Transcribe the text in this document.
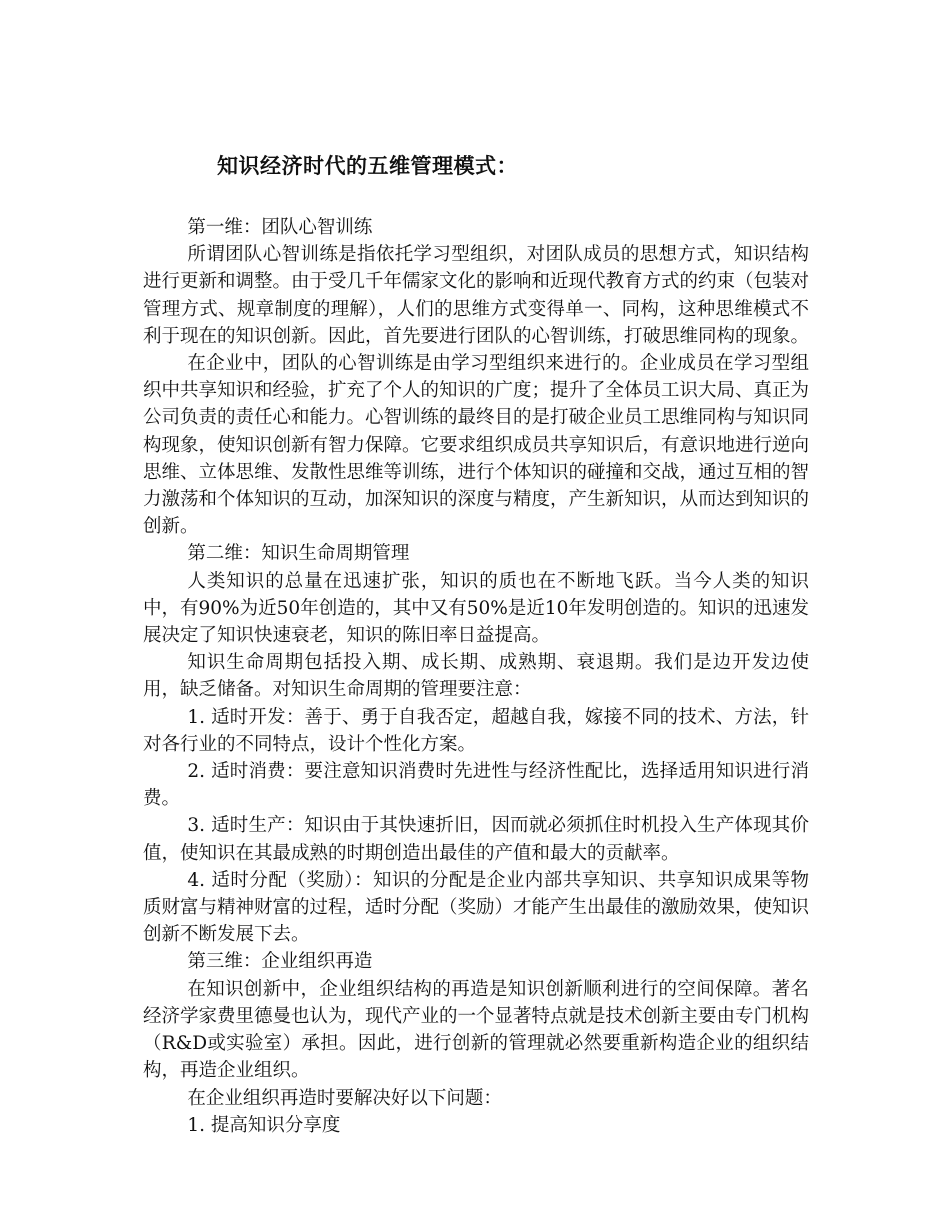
知识经济时代的五维管理模式：

第一维：团队心智训练

所谓团队心智训练是指依托学习型组织，对团队成员的思想方式，知识结构进行更新和调整。由于受几千年儒家文化的影响和近现代教育方式的约束（包装对管理方式、规章制度的理解），人们的思维方式变得单一、同构，这种思维模式不利于现在的知识创新。因此，首先要进行团队的心智训练，打破思维同构的现象。

在企业中，团队的心智训练是由学习型组织来进行的。企业成员在学习型组织中共享知识和经验，扩充了个人的知识的广度；提升了全体员工识大局、真正为公司负责的责任心和能力。心智训练的最终目的是打破企业员工思维同构与知识同构现象，使知识创新有智力保障。它要求组织成员共享知识后，有意识地进行逆向思维、立体思维、发散性思维等训练，进行个体知识的碰撞和交战，通过互相的智力激荡和个体知识的互动，加深知识的深度与精度，产生新知识，从而达到知识的创新。

第二维：知识生命周期管理

人类知识的总量在迅速扩张，知识的质也在不断地飞跃。当今人类的知识中，有90%为近50年创造的，其中又有50%是近10年发明创造的。知识的迅速发展决定了知识快速衰老，知识的陈旧率日益提高。

知识生命周期包括投入期、成长期、成熟期、衰退期。我们是边开发边使用，缺乏储备。对知识生命周期的管理要注意：

1. 适时开发：善于、勇于自我否定，超越自我，嫁接不同的技术、方法，针对各行业的不同特点，设计个性化方案。

2. 适时消费：要注意知识消费时先进性与经济性配比，选择适用知识进行消费。

3. 适时生产：知识由于其快速折旧，因而就必须抓住时机投入生产体现其价值，使知识在其最成熟的时期创造出最佳的产值和最大的贡献率。

4. 适时分配（奖励）：知识的分配是企业内部共享知识、共享知识成果等物质财富与精神财富的过程，适时分配（奖励）才能产生出最佳的激励效果，使知识创新不断发展下去。

第三维：企业组织再造

在知识创新中，企业组织结构的再造是知识创新顺利进行的空间保障。著名经济学家费里德曼也认为，现代产业的一个显著特点就是技术创新主要由专门机构（R&D或实验室）承担。因此，进行创新的管理就必然要重新构造企业的组织结构，再造企业组织。

在企业组织再造时要解决好以下问题：

1. 提高知识分享度
